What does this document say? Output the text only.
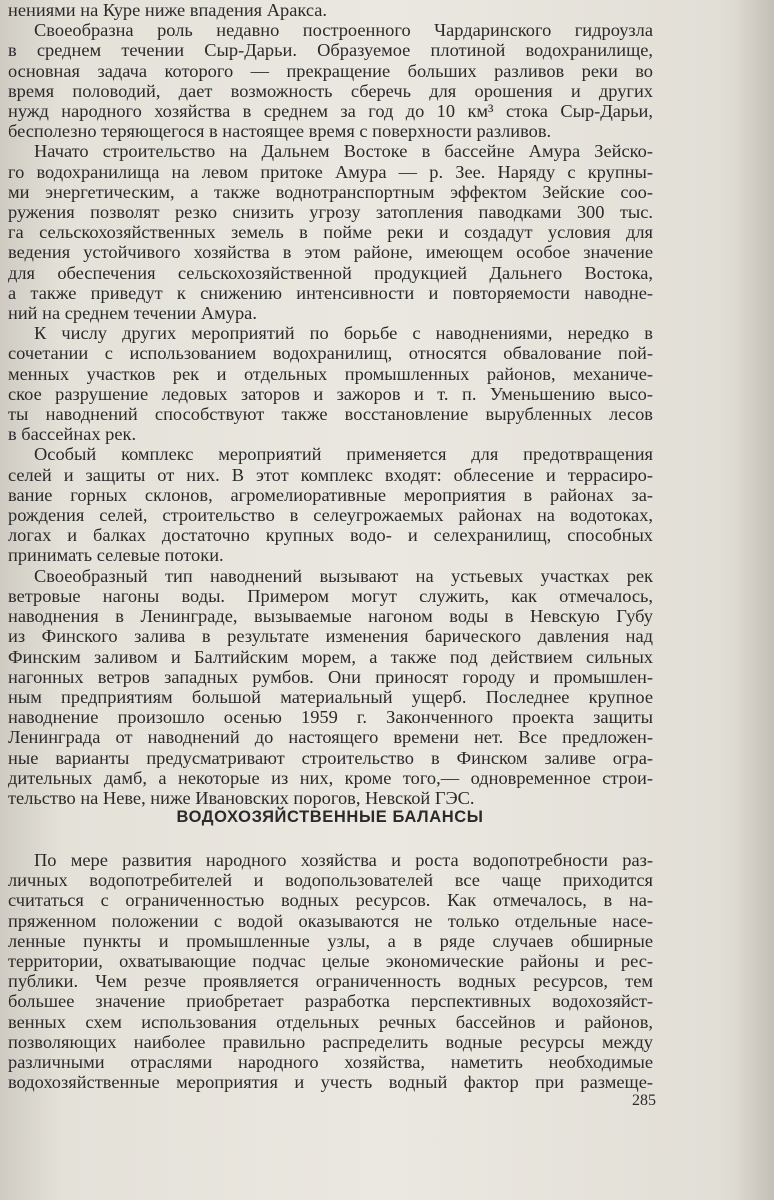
нениями на Куре ниже впадения Аракса.
Своеобразна роль недавно построенного Чардаринского гидроузла
в среднем течении Сыр-Дарьи. Образуемое плотиной водохранилище,
основная задача которого — прекращение больших разливов реки во
время половодий, дает возможность сберечь для орошения и других
нужд народного хозяйства в среднем за год до 10 км³ стока Сыр-Дарьи,
бесполезно теряющегося в настоящее время с поверхности разливов.
Начато строительство на Дальнем Востоке в бассейне Амура Зейско-
го водохранилища на левом притоке Амура — р. Зее. Наряду с крупны-
ми энергетическим, а также воднотранспортным эффектом Зейские соо-
ружения позволят резко снизить угрозу затопления паводками 300 тыс.
га сельскохозяйственных земель в пойме реки и создадут условия для
ведения устойчивого хозяйства в этом районе, имеющем особое значение
для обеспечения сельскохозяйственной продукцией Дальнего Востока,
а также приведут к снижению интенсивности и повторяемости наводне-
ний на среднем течении Амура.
К числу других мероприятий по борьбе с наводнениями, нередко в
сочетании с использованием водохранилищ, относятся обвалование пой-
менных участков рек и отдельных промышленных районов, механиче-
ское разрушение ледовых заторов и зажоров и т. п. Уменьшению высо-
ты наводнений способствуют также восстановление вырубленных лесов
в бассейнах рек.
Особый комплекс мероприятий применяется для предотвращения
селей и защиты от них. В этот комплекс входят: облесение и террасиро-
вание горных склонов, агромелиоративные мероприятия в районах за-
рождения селей, строительство в селеугрожаемых районах на водотоках,
логах и балках достаточно крупных водо- и селехранилищ, способных
принимать селевые потоки.
Своеобразный тип наводнений вызывают на устьевых участках рек
ветровые нагоны воды. Примером могут служить, как отмечалось,
наводнения в Ленинграде, вызываемые нагоном воды в Невскую Губу
из Финского залива в результате изменения барического давления над
Финским заливом и Балтийским морем, а также под действием сильных
нагонных ветров западных румбов. Они приносят городу и промышлен-
ным предприятиям большой материальный ущерб. Последнее крупное
наводнение произошло осенью 1959 г. Законченного проекта защиты
Ленинграда от наводнений до настоящего времени нет. Все предложен-
ные варианты предусматривают строительство в Финском заливе огра-
дительных дамб, а некоторые из них, кроме того,— одновременное строи-
тельство на Неве, ниже Ивановских порогов, Невской ГЭС.
ВОДОХОЗЯЙСТВЕННЫЕ БАЛАНСЫ
По мере развития народного хозяйства и роста водопотребности раз-
личных водопотребителей и водопользователей все чаще приходится
считаться с ограниченностью водных ресурсов. Как отмечалось, в на-
пряженном положении с водой оказываются не только отдельные насе-
ленные пункты и промышленные узлы, а в ряде случаев обширные
территории, охватывающие подчас целые экономические районы и рес-
публики. Чем резче проявляется ограниченность водных ресурсов, тем
большее значение приобретает разработка перспективных водохозяйст-
венных схем использования отдельных речных бассейнов и районов,
позволяющих наиболее правильно распределить водные ресурсы между
различными отраслями народного хозяйства, наметить необходимые
водохозяйственные мероприятия и учесть водный фактор при размеще-
285
